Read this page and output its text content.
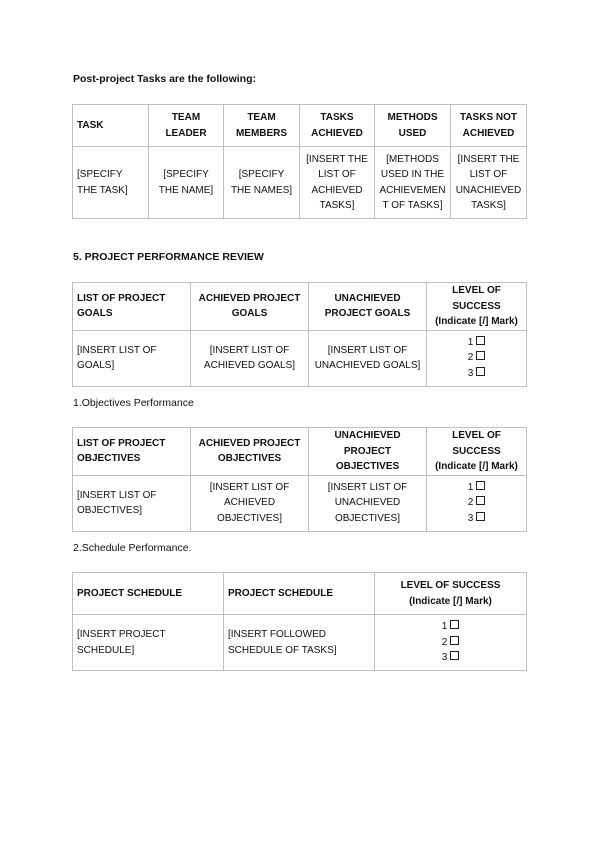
Post-project Tasks are the following:
TASK	TEAM LEADER	TEAM MEMBERS	TASKS ACHIEVED	METHODS USED	TASKS NOT ACHIEVED
[SPECIFY THE TASK]	[SPECIFY THE NAME]	[SPECIFY THE NAMES]	[INSERT THE LIST OF ACHIEVED TASKS]	[METHODS USED IN THE ACHIEVEMEN T OF TASKS]	[INSERT THE LIST OF UNACHIEVED TASKS]
5. PROJECT PERFORMANCE REVIEW
LIST OF PROJECT GOALS	ACHIEVED PROJECT GOALS	UNACHIEVED PROJECT GOALS	LEVEL OF SUCCESS (Indicate [/] Mark)
[INSERT LIST OF GOALS]	[INSERT LIST OF ACHIEVED GOALS]	[INSERT LIST OF UNACHIEVED GOALS]	1
2
3
1.Objectives Performance
LIST OF PROJECT OBJECTIVES	ACHIEVED PROJECT OBJECTIVES	UNACHIEVED PROJECT OBJECTIVES	LEVEL OF SUCCESS (Indicate [/] Mark)
[INSERT LIST OF OBJECTIVES]	[INSERT LIST OF ACHIEVED OBJECTIVES]	[INSERT LIST OF UNACHIEVED OBJECTIVES]	1
2
3
2.Schedule Performance.
PROJECT SCHEDULE	PROJECT SCHEDULE	LEVEL OF SUCCESS (Indicate [/] Mark)
[INSERT PROJECT SCHEDULE]	[INSERT FOLLOWED SCHEDULE OF TASKS]	1
2
3
